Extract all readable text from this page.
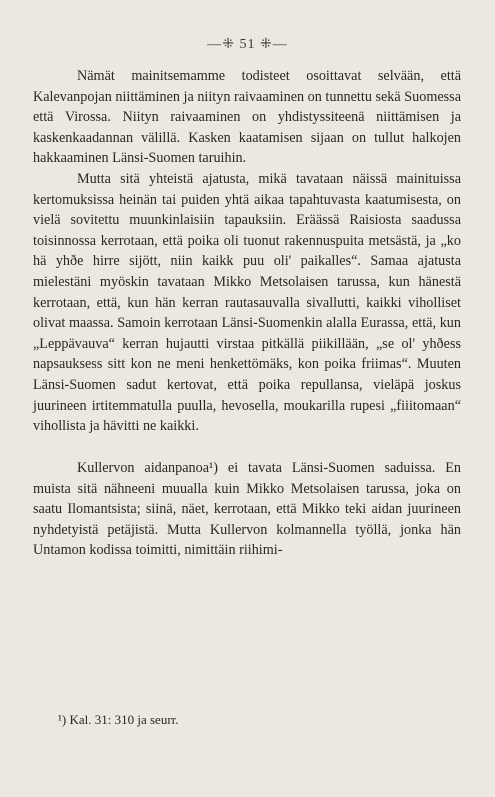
—⁜ 51 ⁜—

Nämät mainitsemamme todisteet osoittavat selvään, että Kalevanpojan niittäminen ja niityn raivaaminen on tunnettu sekä Suomessa että Virossa. Niityn raivaaminen on yhdistyssiteenä niittämisen ja kaskenkaadannan välillä. Kasken kaatamisen sijaan on tullut halkojen hakkaaminen Länsi-Suomen taruihin.

Mutta sitä yhteistä ajatusta, mikä tavataan näissä mainituissa kertomuksissa heinän tai puiden yhtä aikaa tapahtuvasta kaatumisesta, on vielä sovitettu muunkinlaisiin tapauksiin. Eräässä Raisiosta saadussa toisinnossa kerrotaan, että poika oli tuonut rakennuspuita metsästä, ja „ko hä yhðe hirre sijött, niin kaikk puu oli' paikalles“. Samaa ajatusta mielestäni myöskin tavataan Mikko Metsolaisen tarussa, kun hänestä kerrotaan, että, kun hän kerran rautasauvalla sivallutti, kaikki viholliset olivat maassa. Samoin kerrotaan Länsi-Suomenkin alalla Eurassa, että, kun „Leppävauva“ kerran hujautti virstaa pitkällä piikillään, „se ol' yhðess napsauksess sitt kon ne meni henkettömäks, kon poika friimas“. Muuten Länsi-Suomen sadut kertovat, että poika repullansa, vieläpä joskus juurineen irtitemmatulla puulla, hevosella, moukarilla rupesi „fiiitomaan“ vihollista ja hävitti ne kaikki.

Kullervon aidanpanoa¹) ei tavata Länsi-Suomen saduissa. En muista sitä nähneeni muualla kuin Mikko Metsolaisen tarussa, joka on saatu Ilomantsista; siinä, näet, kerrotaan, että Mikko teki aidan juurineen nyhdetyistä petäjistä. Mutta Kullervon kolmannella työllä, jonka hän Untamon kodissa toimitti, nimittäin riihimi-

¹) Kal. 31: 310 ja seurr.
